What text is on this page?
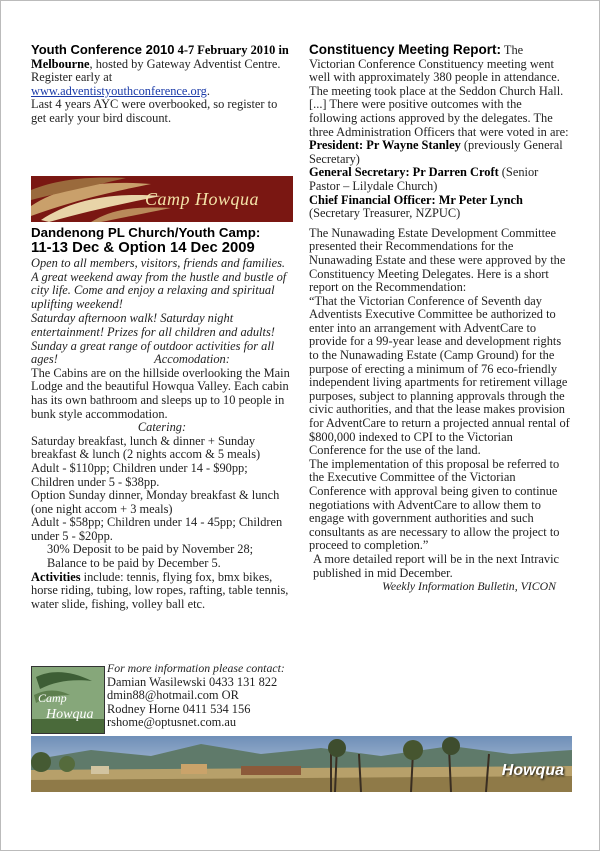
Youth Conference 2010 4-7 February 2010 in Melbourne, hosted by Gateway Adventist Centre. Register early at www.adventistyouthconference.org.

Last 4 years AYC were overbooked, so register to get early your bird discount.

Camp Howqua

Dandenong PL Church/Youth Camp:

11-13 Dec & Option 14 Dec 2009

Open to all members, visitors, friends and families. A great weekend away from the hustle and bustle of city life. Come and enjoy a relaxing and spiritual uplifting weekend!

Saturday afternoon walk! Saturday night entertainment! Prizes for all children and adults! Sunday a great range of outdoor activities for all ages!	Accomodation:

The Cabins are on the hillside overlooking the Main Lodge and the beautiful Howqua Valley. Each cabin has its own bathroom and sleeps up to 10 people in bunk style accommodation.

Catering:

Saturday breakfast, lunch & dinner + Sunday breakfast & lunch (2 nights accom & 5 meals)

Adult - $110pp; Children under 14 - $90pp; Children under 5 - $38pp.

Option Sunday dinner, Monday breakfast & lunch (one night accom + 3 meals)

Adult - $58pp; Children under 14 - 45pp; Children under 5 - $20pp.

30% Deposit to be paid by November 28;

Balance to be paid by December 5.

Activities include: tennis, flying fox, bmx bikes, horse riding, tubing, low ropes, rafting, table tennis, water slide, fishing, volley ball etc.

Camp
Howqua

For more information please contact:

Damian Wasilewski 0433 131 822

dmin88@hotmail.com OR

Rodney Horne 0411 534 156

rshome@optusnet.com.au

Constituency Meeting Report: The Victorian Conference Constituency meeting went well with approximately 380 people in attendance. The meeting took place at the Seddon Church Hall. [...] There were positive outcomes with the following actions approved by the delegates. The three Administration Officers that were voted in are:

President: Pr Wayne Stanley (previously General Secretary)

General Secretary: Pr Darren Croft (Senior Pastor – Lilydale Church)

Chief Financial Officer: Mr Peter Lynch (Secretary Treasurer, NZPUC)

The Nunawading Estate Development Committee presented their Recommendations for the Nunawading Estate and these were approved by the Constituency Meeting Delegates. Here is a short report on the Recommendation:

“That the Victorian Conference of Seventh day Adventists Executive Committee be authorized to enter into an arrangement with AdventCare to provide for a 99-year lease and development rights to the Nunawading Estate (Camp Ground) for the purpose of erecting a minimum of 76 eco-friendly independent living apartments for retirement village purposes, subject to planning approvals through the civic authorities, and that the lease makes provision for AdventCare to return a projected annual rental of $800,000 indexed to CPI to the Victorian Conference for the use of the land.

The implementation of this proposal be referred to the Executive Committee of the Victorian Conference with approval being given to continue negotiations with AdventCare to allow them to engage with government authorities and such consultants as are necessary to allow the project to proceed to completion.”

A more detailed report will be in the next Intravic published in mid December.

Weekly Information Bulletin, VICON

Howqua
